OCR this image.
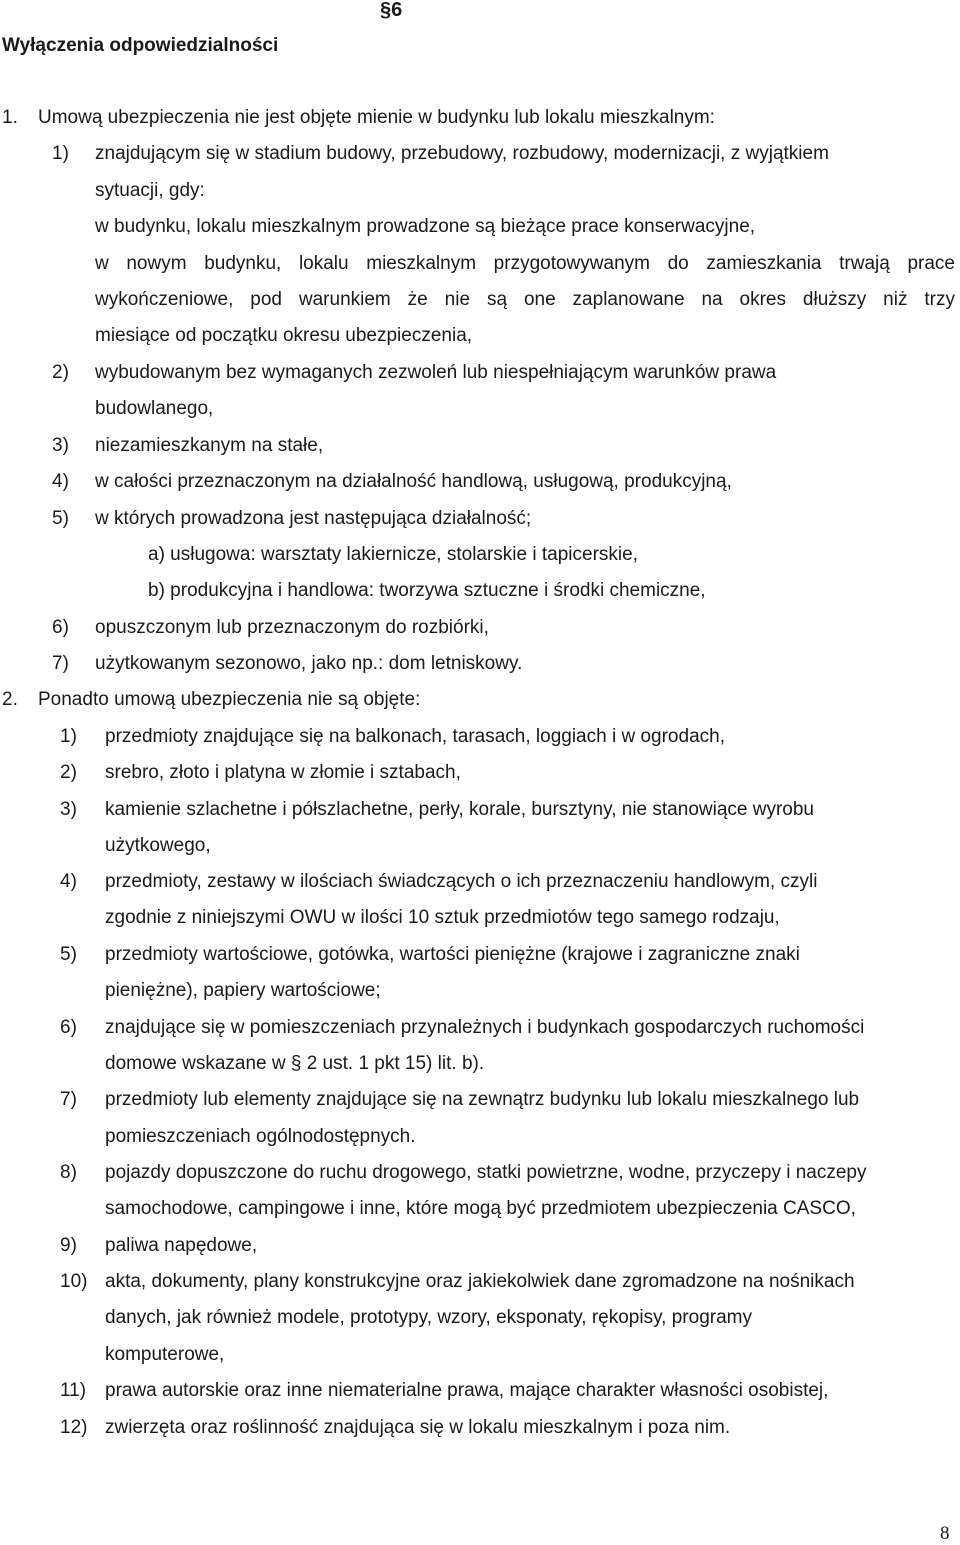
§6
Wyłączenia odpowiedzialności
1. Umową ubezpieczenia nie jest objęte mienie w budynku lub lokalu mieszkalnym:
1) znajdującym się w stadium budowy, przebudowy, rozbudowy, modernizacji, z wyjątkiem
sytuacji, gdy:
w budynku, lokalu mieszkalnym prowadzone są bieżące prace konserwacyjne,
w nowym budynku, lokalu mieszkalnym przygotowywanym do zamieszkania trwają prace
wykończeniowe, pod warunkiem że nie są one zaplanowane na okres dłuższy niż trzy
miesiące od początku okresu ubezpieczenia,
2) wybudowanym bez wymaganych zezwoleń lub niespełniającym warunków prawa
budowlanego,
3) niezamieszkanym na stałe,
4) w całości przeznaczonym na działalność handlową, usługową, produkcyjną,
5) w których prowadzona jest następująca działalność;
a) usługowa: warsztaty lakiernicze, stolarskie i tapicerskie,
b) produkcyjna i handlowa: tworzywa sztuczne i środki chemiczne,
6) opuszczonym lub przeznaczonym do rozbiórki,
7) użytkowanym sezonowo, jako np.: dom letniskowy.
2. Ponadto umową ubezpieczenia nie są objęte:
1) przedmioty znajdujące się na balkonach, tarasach, loggiach i w ogrodach,
2) srebro, złoto i platyna w złomie i sztabach,
3) kamienie szlachetne i półszlachetne, perły, korale, bursztyny, nie stanowiące wyrobu
użytkowego,
4) przedmioty, zestawy w ilościach świadczących o ich przeznaczeniu handlowym, czyli
zgodnie z niniejszymi OWU w ilości 10 sztuk przedmiotów tego samego rodzaju,
5) przedmioty wartościowe, gotówka, wartości pieniężne (krajowe i zagraniczne znaki
pieniężne), papiery wartościowe;
6) znajdujące się w pomieszczeniach przynależnych i budynkach gospodarczych ruchomości
domowe wskazane w § 2 ust. 1 pkt 15) lit. b).
7) przedmioty lub elementy znajdujące się na zewnątrz budynku lub lokalu mieszkalnego lub
pomieszczeniach ogólnodostępnych.
8) pojazdy dopuszczone do ruchu drogowego, statki powietrzne, wodne, przyczepy i naczepy
samochodowe, campingowe i inne, które mogą być przedmiotem ubezpieczenia CASCO,
9) paliwa napędowe,
10) akta, dokumenty, plany konstrukcyjne oraz jakiekolwiek dane zgromadzone na nośnikach
danych, jak również modele, prototypy, wzory, eksponaty, rękopisy, programy
komputerowe,
11) prawa autorskie oraz inne niematerialne prawa, mające charakter własności osobistej,
12) zwierzęta oraz roślinność znajdująca się w lokalu mieszkalnym i poza nim.
8
